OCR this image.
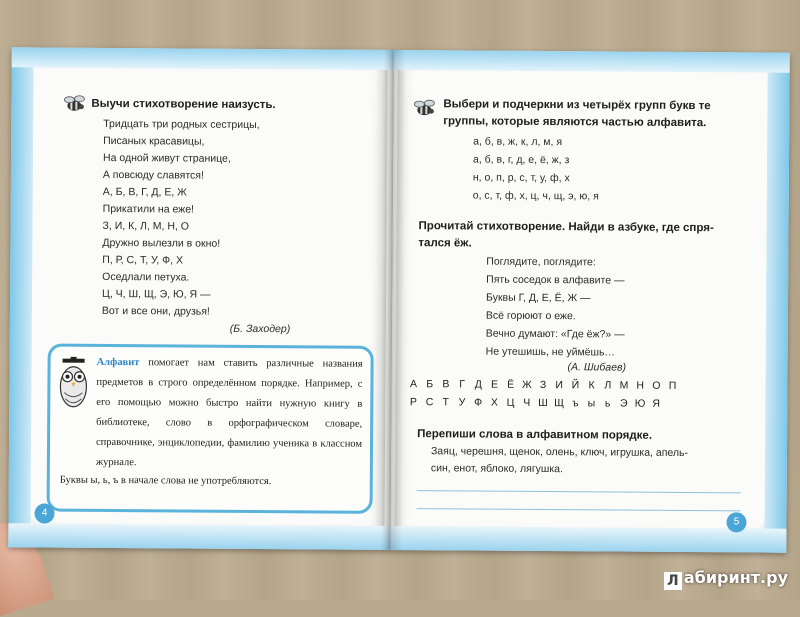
Выучи стихотворение наизусть.
Тридцать три родных сестрицы,
Писаных красавицы,
На одной живут странице,
А повсюду славятся!
А, Б, В, Г, Д, Е, Ж
Прикатили на еже!
З, И, К, Л, М, Н, О
Дружно вылезли в окно!
П, Р, С, Т, У, Ф, Х
Оседлали петуха.
Ц, Ч, Ш, Щ, Э, Ю, Я —
Вот и все они, друзья!
(Б. Заходер)
Алфавит помогает нам ставить различные названия предметов в строго определённом порядке. Например, с его помощью можно быстро найти нужную книгу в библиотеке, слово в орфографическом словаре, справочнике, энциклопедии, фамилию ученика в классном журнале.
Буквы ы, ь, ъ в начале слова не употребляются.
4
Выбери и подчеркни из четырёх групп букв те
группы, которые являются частью алфавита.
а, б, в, ж, к, л, м, я
а, б, в, г, д, е, ё, ж, з
н, о, п, р, с, т, у, ф, х
о, с, т, ф, х, ц, ч, щ, э, ю, я
Прочитай стихотворение. Найди в азбуке, где спря-
тался ёж.
Поглядите, поглядите:
Пять соседок в алфавите —
Буквы Г, Д, Е, Ё, Ж —
Всё горюют о еже.
Вечно думают: «Где ёж?» —
Не утешишь, не уймёшь…
(А. Шибаев)
А Б В Г Д Е Ё Ж З И Й К Л М Н О П
Р С Т У Ф Х Ц Ч Ш Щ ъ ы ь Э Ю Я
Перепиши слова в алфавитном порядке.
Заяц, черешня, щенок, олень, ключ, игрушка, апель-
син, енот, яблоко, лягушка.
5
Л абиринт.ру
